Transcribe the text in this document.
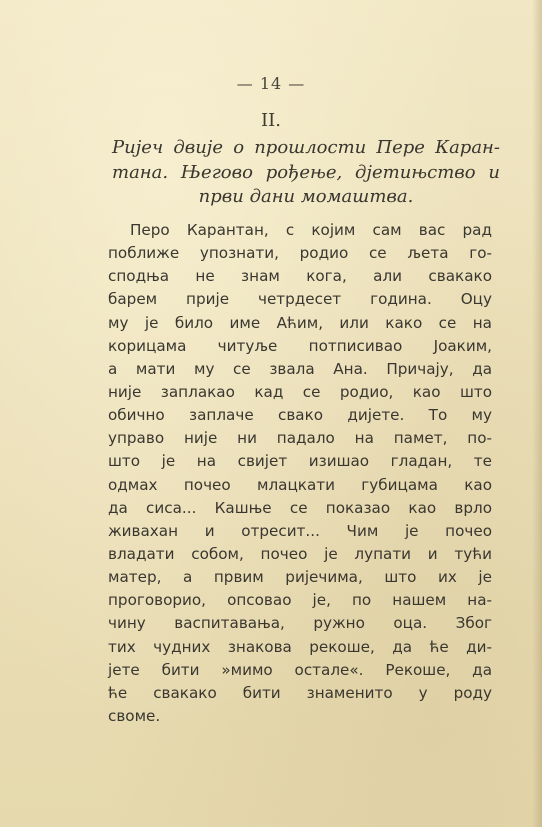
— 14 —
II.
Ријеч двије о прошлости Пере Каран-
тана. Његово рођење, дјетињство и
први дани момаштва.
Перо Карантан, с којим сам вас рад
поближе упознати, родио се љета го-
сподња не знам кога, али свакако
барем прије четрдесет година. Оцу
му је било име Аћим, или како се на
корицама читуље потписивао Јоаким,
а мати му се звала Ана. Причају, да
није заплакао кад се родио, као што
обично заплаче свако дијете. То му
управо није ни падало на памет, по-
што је на свијет изишао гладан, те
одмах почео млацкати губицама као
да сиса... Кашње се показао као врло
живахан и отресит... Чим је почео
владати собом, почео је лупати и тући
матер, а првим ријечима, што их је
проговорио, опсовао је, по нашем на-
чину васпитавања, ружно оца. Због
тих чудних знакова рекоше, да ће ди-
јете бити »мимо остале«. Рекоше, да
ће свакако бити знаменито у роду
своме.
